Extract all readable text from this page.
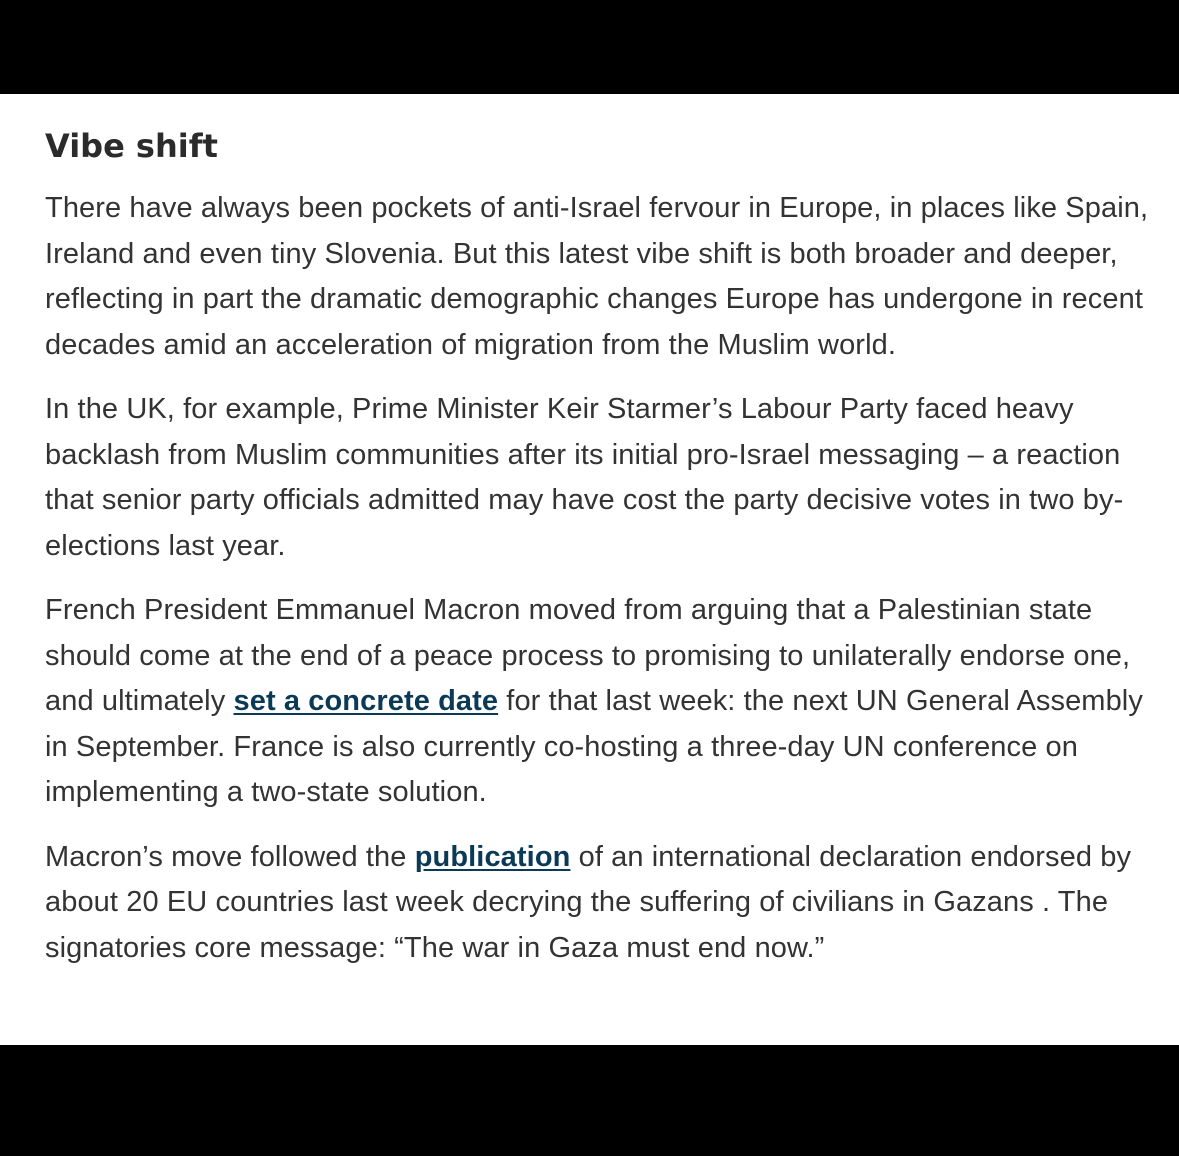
Vibe shift

There have always been pockets of anti-Israel fervour in Europe, in places like Spain, Ireland and even tiny Slovenia. But this latest vibe shift is both broader and deeper, reflecting in part the dramatic demographic changes Europe has undergone in recent decades amid an acceleration of migration from the Muslim world.

In the UK, for example, Prime Minister Keir Starmer’s Labour Party faced heavy backlash from Muslim communities after its initial pro-Israel messaging – a reaction that senior party officials admitted may have cost the party decisive votes in two by-elections last year.

French President Emmanuel Macron moved from arguing that a Palestinian state should come at the end of a peace process to promising to unilaterally endorse one, and ultimately set a concrete date for that last week: the next UN General Assembly in September. France is also currently co-hosting a three-day UN conference on implementing a two-state solution.

Macron’s move followed the publication of an international declaration endorsed by about 20 EU countries last week decrying the suffering of civilians in Gazans . The signatories core message: “The war in Gaza must end now.”
